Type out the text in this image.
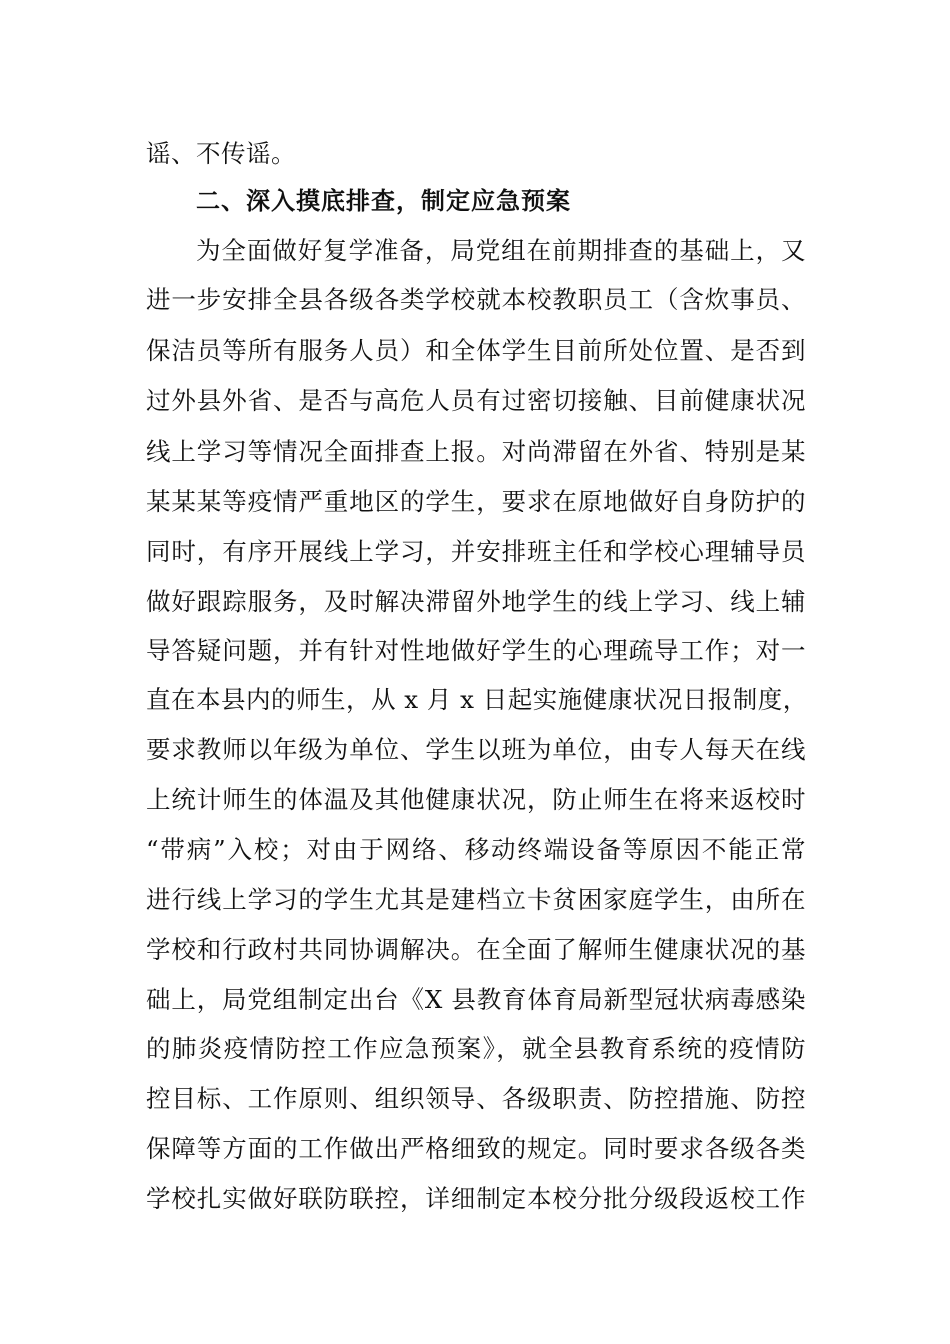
谣、不传谣。
二、深入摸底排查，制定应急预案
为全面做好复学准备，局党组在前期排查的基础上，又
进一步安排全县各级各类学校就本校教职员工（含炊事员、
保洁员等所有服务人员）和全体学生目前所处位置、是否到
过外县外省、是否与高危人员有过密切接触、目前健康状况
线上学习等情况全面排查上报。对尚滞留在外省、特别是某
某某某等疫情严重地区的学生，要求在原地做好自身防护的
同时，有序开展线上学习，并安排班主任和学校心理辅导员
做好跟踪服务，及时解决滞留外地学生的线上学习、线上辅
导答疑问题，并有针对性地做好学生的心理疏导工作；对一
直在本县内的师生，从 x 月 x 日起实施健康状况日报制度，
要求教师以年级为单位、学生以班为单位，由专人每天在线
上统计师生的体温及其他健康状况，防止师生在将来返校时
“带病”入校；对由于网络、移动终端设备等原因不能正常
进行线上学习的学生尤其是建档立卡贫困家庭学生，由所在
学校和行政村共同协调解决。在全面了解师生健康状况的基
础上，局党组制定出台《X 县教育体育局新型冠状病毒感染
的肺炎疫情防控工作应急预案》，就全县教育系统的疫情防
控目标、工作原则、组织领导、各级职责、防控措施、防控
保障等方面的工作做出严格细致的规定。同时要求各级各类
学校扎实做好联防联控，详细制定本校分批分级段返校工作
